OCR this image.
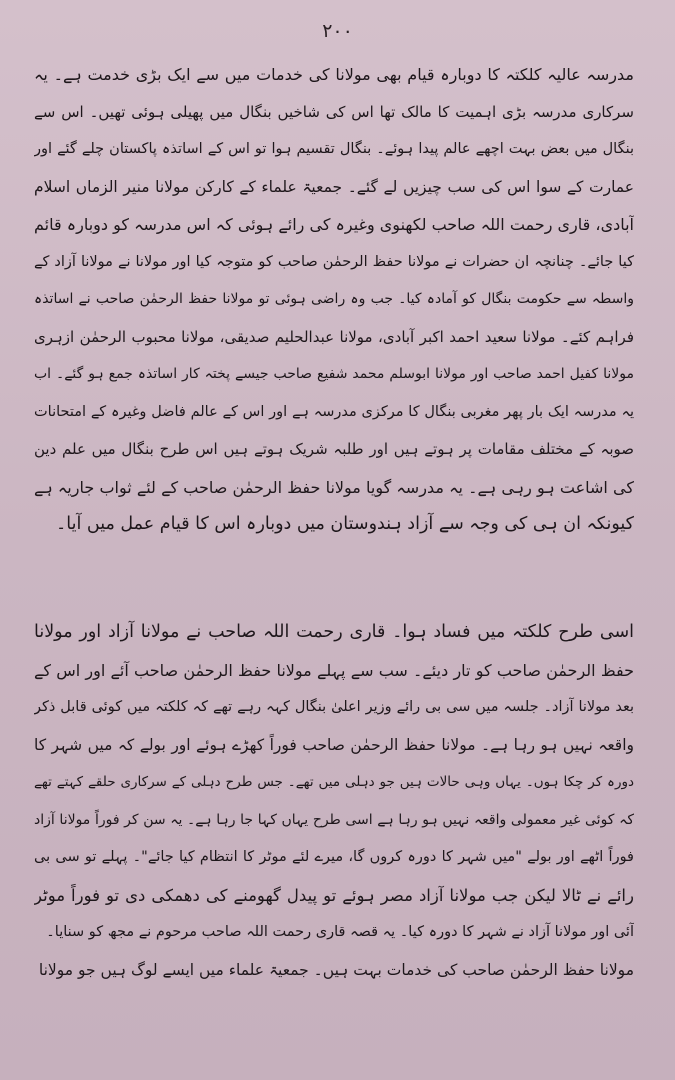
۲۰۰
مدرسہ عالیہ کلکتہ کا دوبارہ قیام بھی مولانا کی خدمات میں سے ایک بڑی خدمت ہے۔ یہ
سرکاری مدرسہ بڑی اہمیت کا مالک تھا اس کی شاخیں بنگال میں پھیلی ہوئی تھیں۔ اس سے
بنگال میں بعض بہت اچھے عالم پیدا ہوئے۔ بنگال تقسیم ہوا تو اس کے اساتذہ پاکستان چلے گئے اور
عمارت کے سوا اس کی سب چیزیں لے گئے۔ جمعیۃ علماء کے کارکن مولانا منیر الزماں اسلام
آبادی، قاری رحمت اللہ صاحب لکھنوی وغیرہ کی رائے ہوئی کہ اس مدرسہ کو دوبارہ قائم
کیا جائے۔ چنانچہ ان حضرات نے مولانا حفظ الرحمٰن صاحب کو متوجہ کیا اور مولانا نے مولانا آزاد کے
واسطہ سے حکومت بنگال کو آمادہ کیا۔ جب وہ راضی ہوئی تو مولانا حفظ الرحمٰن صاحب نے اساتذہ
فراہم کئے۔ مولانا سعید احمد اکبر آبادی، مولانا عبدالحلیم صدیقی، مولانا محبوب الرحمٰن ازہری
مولانا کفیل احمد صاحب اور مولانا ابوسلم محمد شفیع صاحب جیسے پختہ کار اساتذہ جمع ہو گئے۔ اب
یہ مدرسہ ایک بار پھر مغربی بنگال کا مرکزی مدرسہ ہے اور اس کے عالم فاضل وغیرہ کے امتحانات
صوبہ کے مختلف مقامات پر ہوتے ہیں اور طلبہ شریک ہوتے ہیں اس طرح بنگال میں علم دین
کی اشاعت ہو رہی ہے۔ یہ مدرسہ گویا مولانا حفظ الرحمٰن صاحب کے لئے ثواب جاریہ ہے
کیونکہ ان ہی کی وجہ سے آزاد ہندوستان میں دوبارہ اس کا قیام عمل میں آیا۔
اسی طرح کلکتہ میں فساد ہوا۔ قاری رحمت اللہ صاحب نے مولانا آزاد اور مولانا
حفظ الرحمٰن صاحب کو تار دیئے۔ سب سے پہلے مولانا حفظ الرحمٰن صاحب آئے اور اس کے
بعد مولانا آزاد۔ جلسہ میں سی بی رائے وزیر اعلیٰ بنگال کہہ رہے تھے کہ کلکتہ میں کوئی قابل ذکر
واقعہ نہیں ہو رہا ہے۔ مولانا حفظ الرحمٰن صاحب فوراً کھڑے ہوئے اور بولے کہ میں شہر کا
دورہ کر چکا ہوں۔ یہاں وہی حالات ہیں جو دہلی میں تھے۔ جس طرح دہلی کے سرکاری حلقے کہتے تھے
کہ کوئی غیر معمولی واقعہ نہیں ہو رہا ہے اسی طرح یہاں کہا جا رہا ہے۔ یہ سن کر فوراً مولانا آزاد
فوراً اٹھے اور بولے "میں شہر کا دورہ کروں گا، میرے لئے موٹر کا انتظام کیا جائے"۔ پہلے تو سی بی
رائے نے ٹالا لیکن جب مولانا آزاد مصر ہوئے تو پیدل گھومنے کی دھمکی دی تو فوراً موٹر
آئی اور مولانا آزاد نے شہر کا دورہ کیا۔ یہ قصہ قاری رحمت اللہ صاحب مرحوم نے مجھ کو سنایا۔
مولانا حفظ الرحمٰن صاحب کی خدمات بہت ہیں۔ جمعیۃ علماء میں ایسے لوگ ہیں جو مولانا
